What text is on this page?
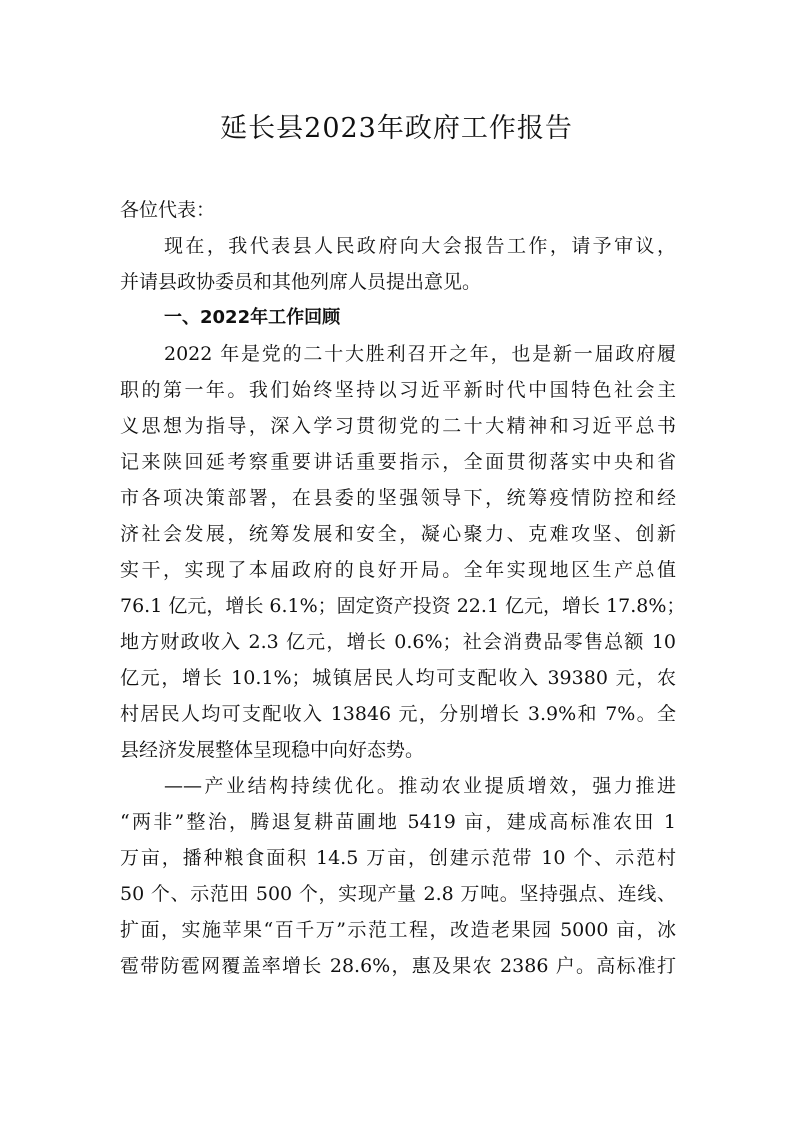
延长县2023年政府工作报告
各位代表：
现在，我代表县人民政府向大会报告工作，请予审议，
并请县政协委员和其他列席人员提出意见。
一、2022年工作回顾
2022 年是党的二十大胜利召开之年，也是新一届政府履
职的第一年。我们始终坚持以习近平新时代中国特色社会主
义思想为指导，深入学习贯彻党的二十大精神和习近平总书
记来陕回延考察重要讲话重要指示，全面贯彻落实中央和省
市各项决策部署，在县委的坚强领导下，统筹疫情防控和经
济社会发展，统筹发展和安全，凝心聚力、克难攻坚、创新
实干，实现了本届政府的良好开局。全年实现地区生产总值
76.1 亿元，增长 6.1%；固定资产投资 22.1 亿元，增长 17.8%；
地方财政收入 2.3 亿元，增长 0.6%；社会消费品零售总额 10
亿元，增长 10.1%；城镇居民人均可支配收入 39380 元，农
村居民人均可支配收入 13846 元，分别增长 3.9%和 7%。全
县经济发展整体呈现稳中向好态势。
——产业结构持续优化。推动农业提质增效，强力推进
“两非”整治，腾退复耕苗圃地 5419 亩，建成高标准农田 1
万亩，播种粮食面积 14.5 万亩，创建示范带 10 个、示范村
50 个、示范田 500 个，实现产量 2.8 万吨。坚持强点、连线、
扩面，实施苹果“百千万”示范工程，改造老果园 5000 亩，冰
雹带防雹网覆盖率增长 28.6%，惠及果农 2386 户。高标准打
